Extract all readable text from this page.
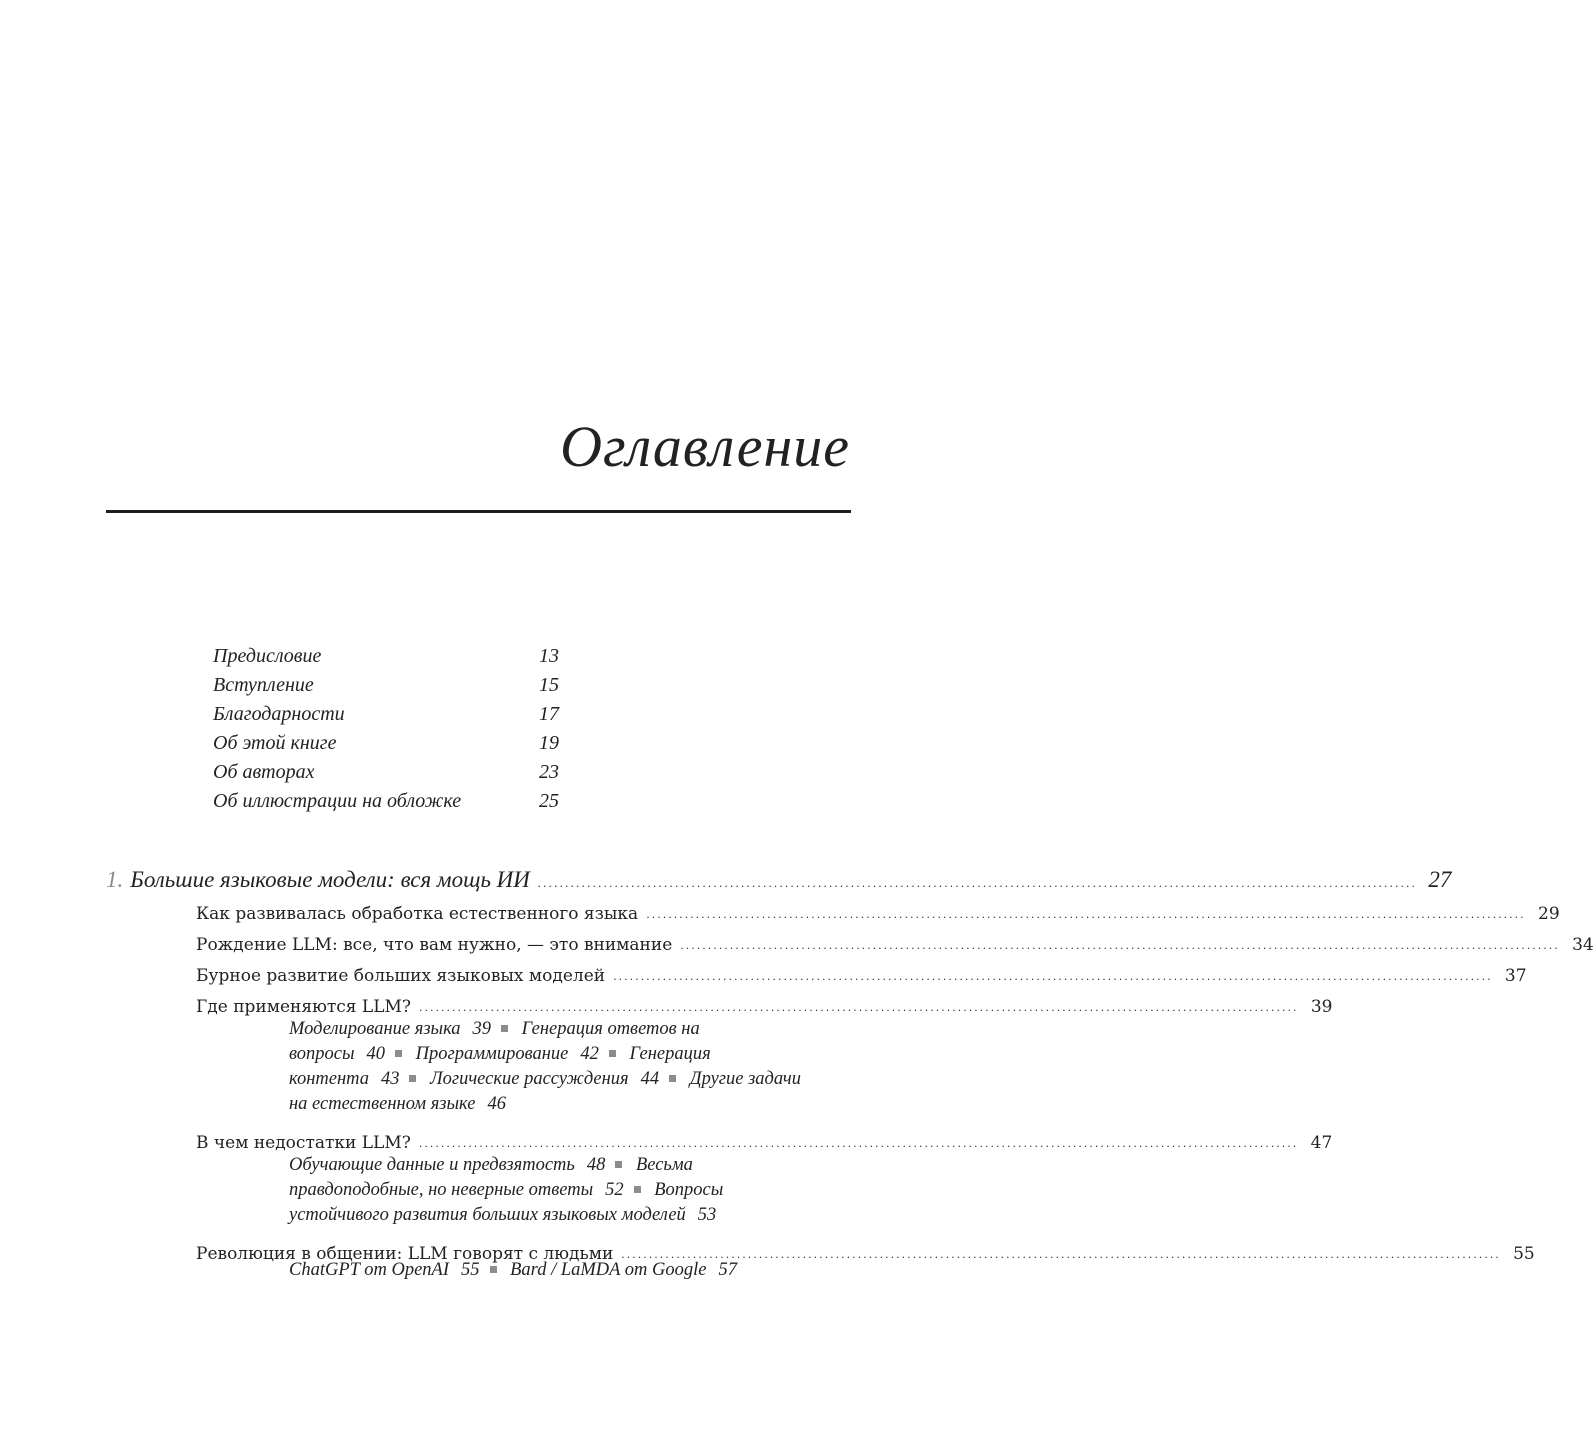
Оглавление
Предисловие	13
Вступление	15
Благодарности	17
Об этой книге	19
Об авторах	23
Об иллюстрации на обложке	25
1. Большие языковые модели: вся мощь ИИ ................................................................................................................................................................ 27
Как развивалась обработка естественного языка ................................................................................................................................................................ 29
Рождение LLM: все, что вам нужно, — это внимание ................................................................................................................................................................ 34
Бурное развитие больших языковых моделей ................................................................................................................................................................ 37
Где применяются LLM? ................................................................................................................................................................ 39
Моделирование языка 39 Генерация ответов на вопросы 40 Программирование 42 Генерация контента 43 Логические рассуждения 44 Другие задачи на естественном языке 46
В чем недостатки LLM? ................................................................................................................................................................ 47
Обучающие данные и предвзятость 48 Весьма правдоподобные, но неверные ответы 52 Вопросы устойчивого развития больших языковых моделей 53
Революция в общении: LLM говорят с людьми ................................................................................................................................................................ 55
ChatGPT от OpenAI 55 Bard / LaMDA от Google 57
